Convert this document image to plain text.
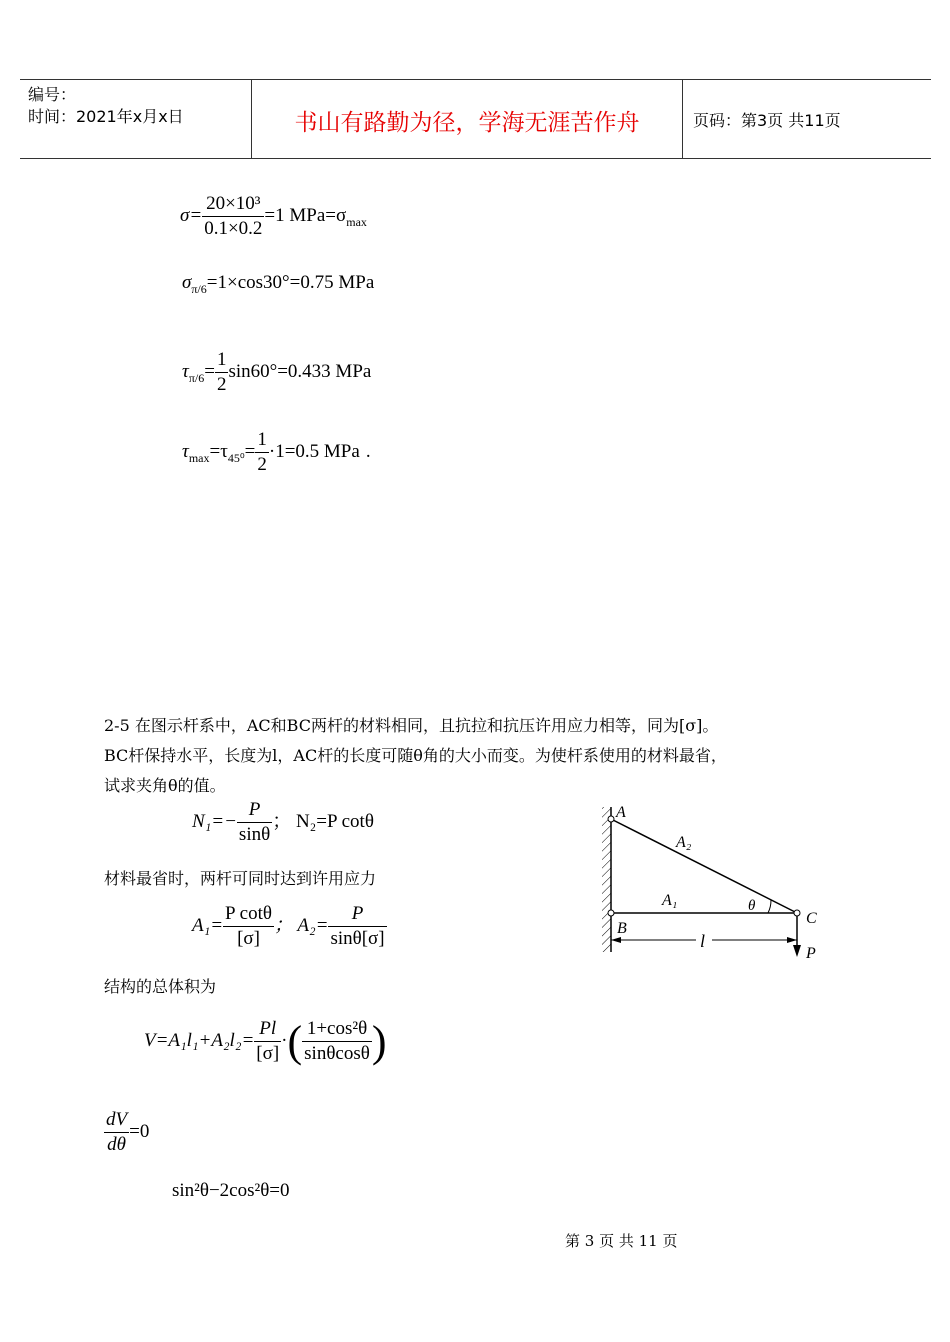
编号：
时间：2021年x月x日	书山有路勤为径，学海无涯苦作舟	页码：第3页 共11页
$\sigma= \frac{\text{20×10³}}{0.1\times 0.2} =1$ $MPa=\sigma_{max}$
$\sigma_{\pi/6}=1\times\cos 30^\circ=0.75$ MPa
$\tau_{\pi/6}= \frac{1}{2} \sin 60^\circ=0.433$ MPa
$\tau_{max}=\tau_{45^0}= \frac{1}{2} \cdot 1=0.5$ MPa .
2-5 在图示杆系中，AC和BC两杆的材料相同，且抗拉和抗压许用应力相等，同为[σ]。
BC杆保持水平，长度为l，AC杆的长度可随θ角的大小而变。为使杆系使用的材料最省，
试求夹角θ的值。
$N_1=- \frac{P}{\sin\theta}$ ； N₂=P cotθ
材料最省时，两杆可同时达到许用应力
$A_1= \frac{\text{P cotθ}}{[\sigma]}$ ； $A_2= \frac{P}{\sin\theta[\sigma]}$
结构的总体积为
$V=A_1l_1+A_2l_2= \frac{Pl}{[\sigma]}$ ·( $\frac{\text{1+cos²θ}}{\sin\theta\cos\theta}$ )
$\frac{dV}{d\theta} =0$
sin²θ−2cos²θ=0
A
B
C
A₁
A₂
θ
l
P
第 3 页 共 11 页
